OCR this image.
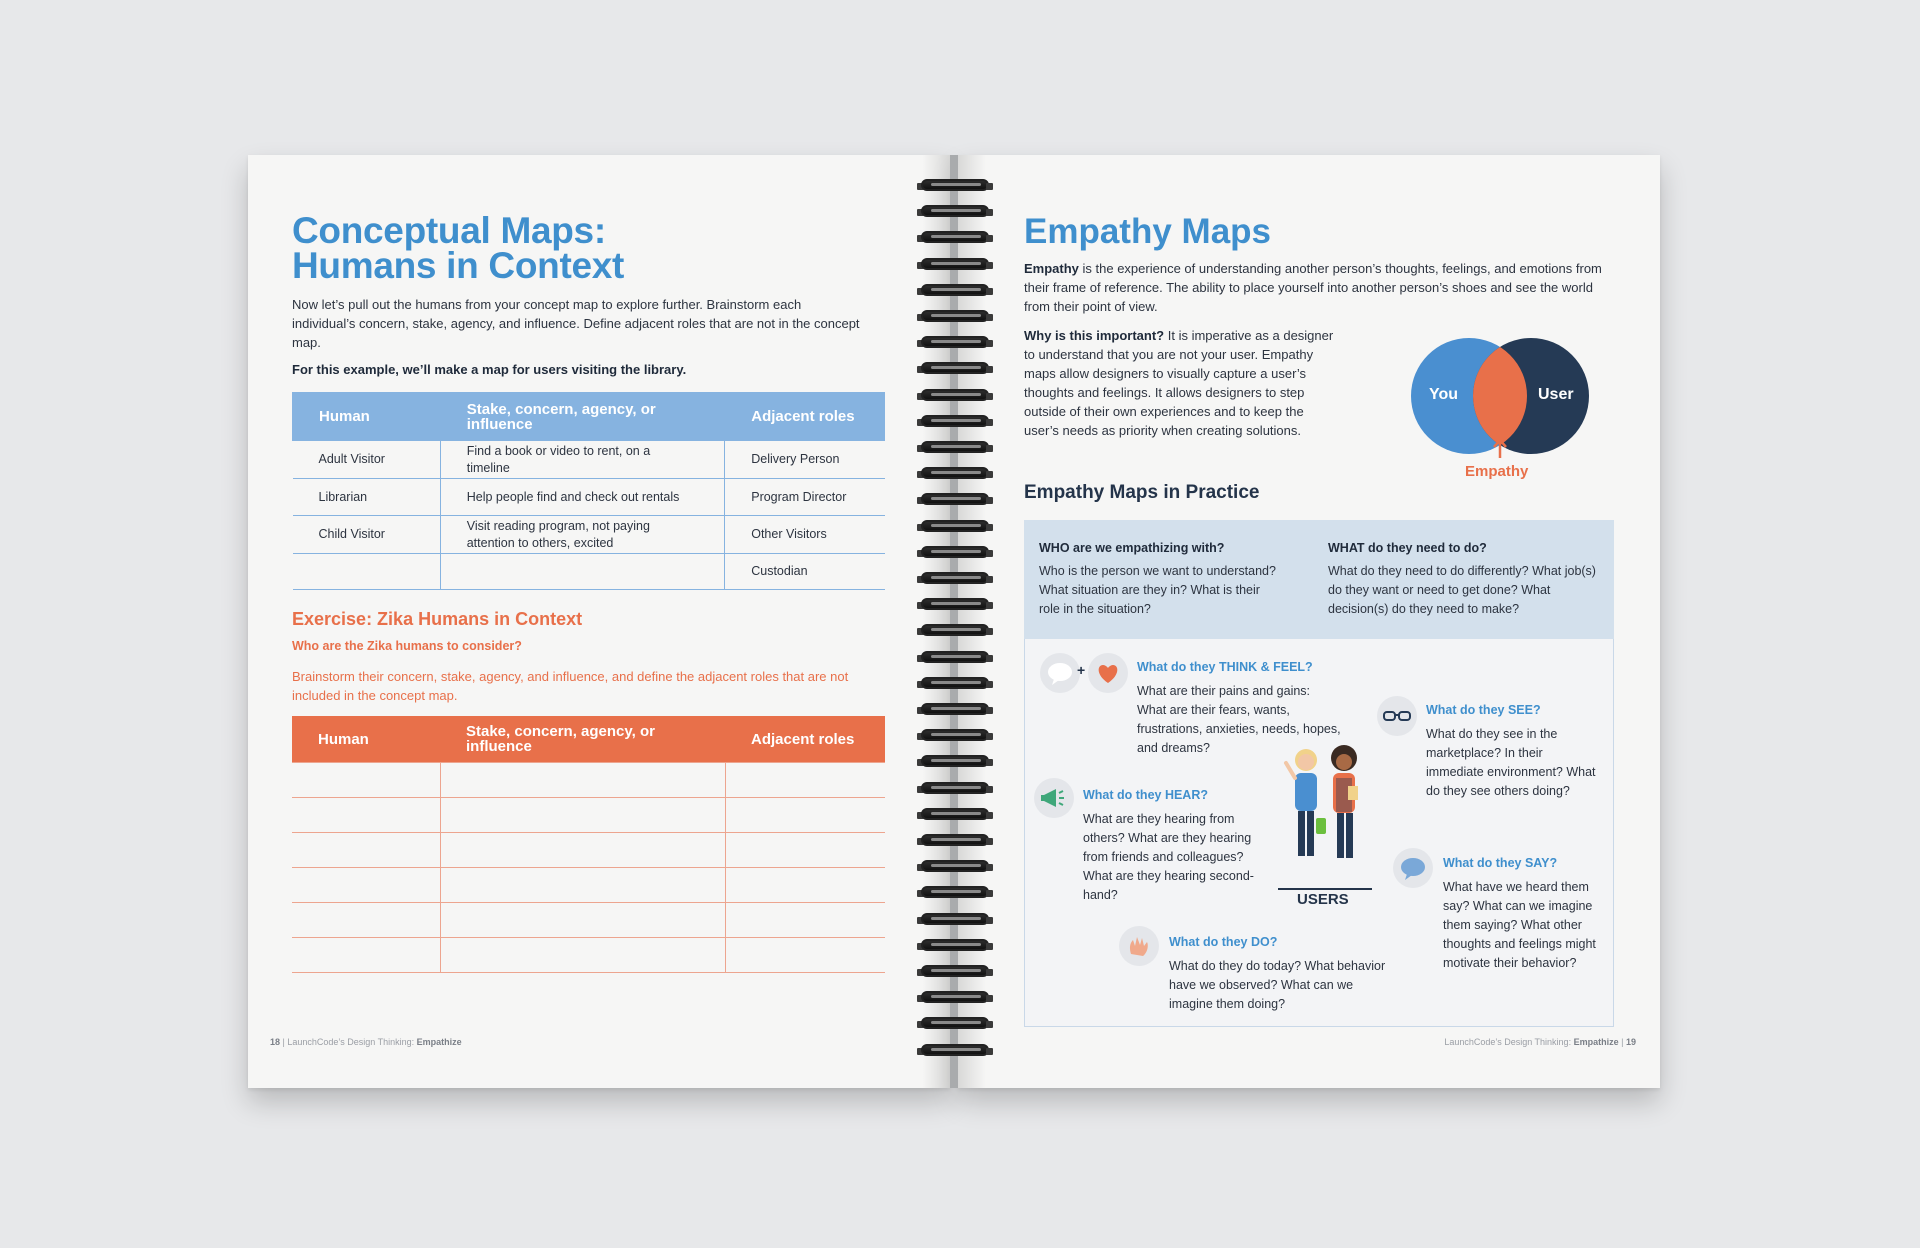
Conceptual Maps:
Humans in Context
Now let’s pull out the humans from your concept map to explore further. Brainstorm each individual’s concern, stake, agency, and influence. Define adjacent roles that are not in the concept map.
For this example, we’ll make a map for users visiting the library.
Human	Stake, concern, agency, or influence	Adjacent roles
Adult Visitor	Find a book or video to rent, on a timeline	Delivery Person
Librarian	Help people find and check out rentals	Program Director
Child Visitor	Visit reading program, not paying attention to others, excited	Other Visitors
		Custodian
Exercise: Zika Humans in Context
Who are the Zika humans to consider?
Brainstorm their concern, stake, agency, and influence, and define the adjacent roles that are not included in the concept map.
Human	Stake, concern, agency, or influence	Adjacent roles

18 | LaunchCode’s Design Thinking: Empathize
Empathy Maps
Empathy is the experience of understanding another person’s thoughts, feelings, and emotions from their frame of reference. The ability to place yourself into another person’s shoes and see the world from their point of view.
Why is this important? It is imperative as a designer to understand that you are not your user. Empathy maps allow designers to visually capture a user’s thoughts and feelings. It allows designers to step outside of their own experiences and to keep the user’s needs as priority when creating solutions.
You	User
Empathy
Empathy Maps in Practice
WHO are we empathizing with?
Who is the person we want to understand? What situation are they in? What is their role in the situation?
WHAT do they need to do?
What do they need to do differently? What job(s) do they want or need to get done? What decision(s) do they need to make?
+	What do they THINK & FEEL?
What are their pains and gains: What are their fears, wants, frustrations, anxieties, needs, hopes, and dreams?
What do they SEE?
What do they see in the marketplace? In their immediate environment? What do they see others doing?
What do they HEAR?
What are they hearing from others? What are they hearing from friends and colleagues? What are they hearing second-hand?	USERS
What do they SAY?
What have we heard them say? What can we imagine them saying? What other thoughts and feelings might motivate their behavior?
What do they DO?
What do they do today? What behavior have we observed? What can we imagine them doing?
LaunchCode’s Design Thinking: Empathize | 19
